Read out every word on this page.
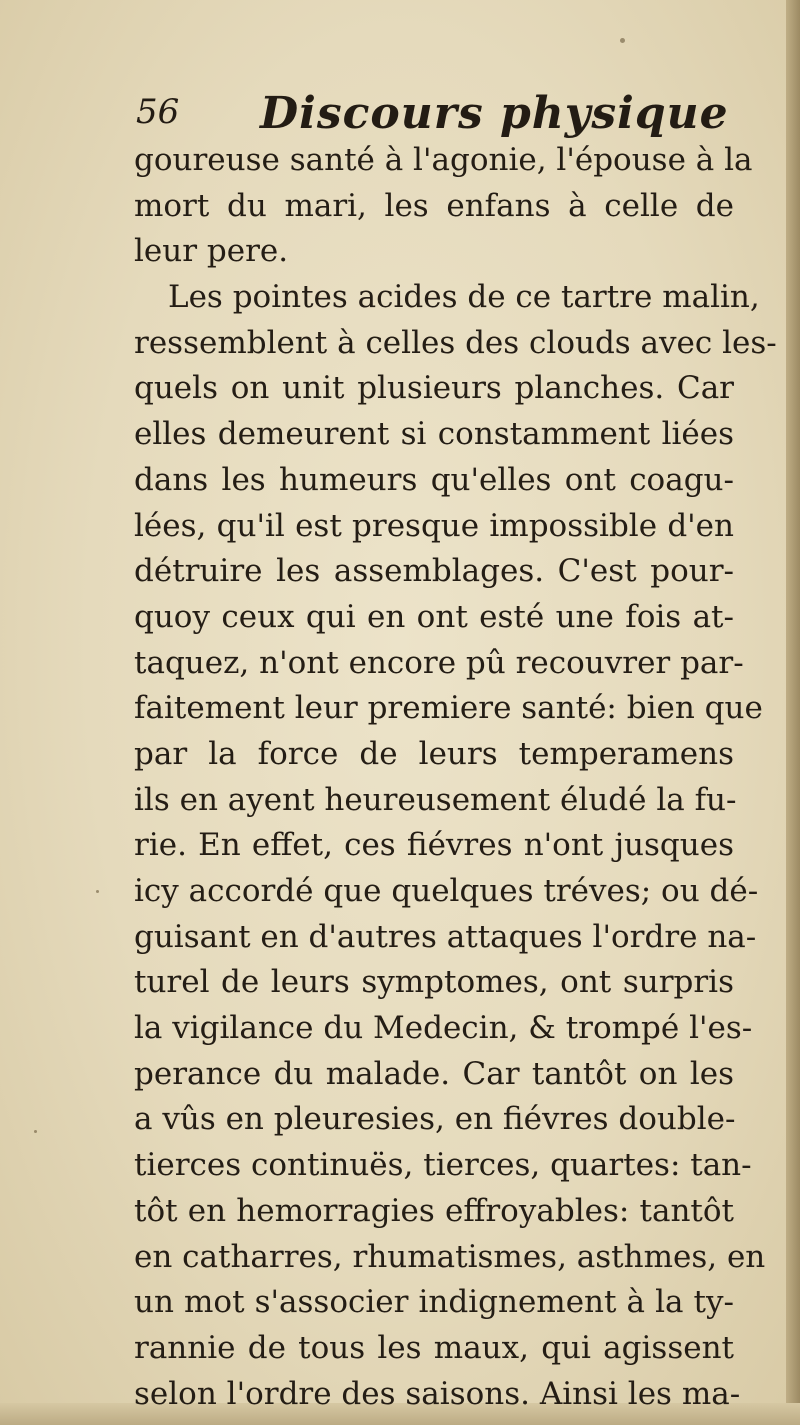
56 Discours physique
goureuse santé à l'agonie, l'épouse à la
mort du mari, les enfans à celle de
leur pere.
Les pointes acides de ce tartre malin,
ressemblent à celles des clouds avec les-
quels on unit plusieurs planches. Car
elles demeurent si constamment liées
dans les humeurs qu'elles ont coagu-
lées, qu'il est presque impossible d'en
détruire les assemblages. C'est pour-
quoy ceux qui en ont esté une fois at-
taquez, n'ont encore pû recouvrer par-
faitement leur premiere santé: bien que
par la force de leurs temperamens
ils en ayent heureusement éludé la fu-
rie. En effet, ces fiévres n'ont jusques
icy accordé que quelques tréves; ou dé-
guisant en d'autres attaques l'ordre na-
turel de leurs symptomes, ont surpris
la vigilance du Medecin, & trompé l'es-
perance du malade. Car tantôt on les
a vûs en pleuresies, en fiévres double-
tierces continuës, tierces, quartes: tan-
tôt en hemorragies effroyables: tantôt
en catharres, rhumatismes, asthmes, en
un mot s'associer indignement à la ty-
rannie de tous les maux, qui agissent
selon l'ordre des saisons. Ainsi les ma-
